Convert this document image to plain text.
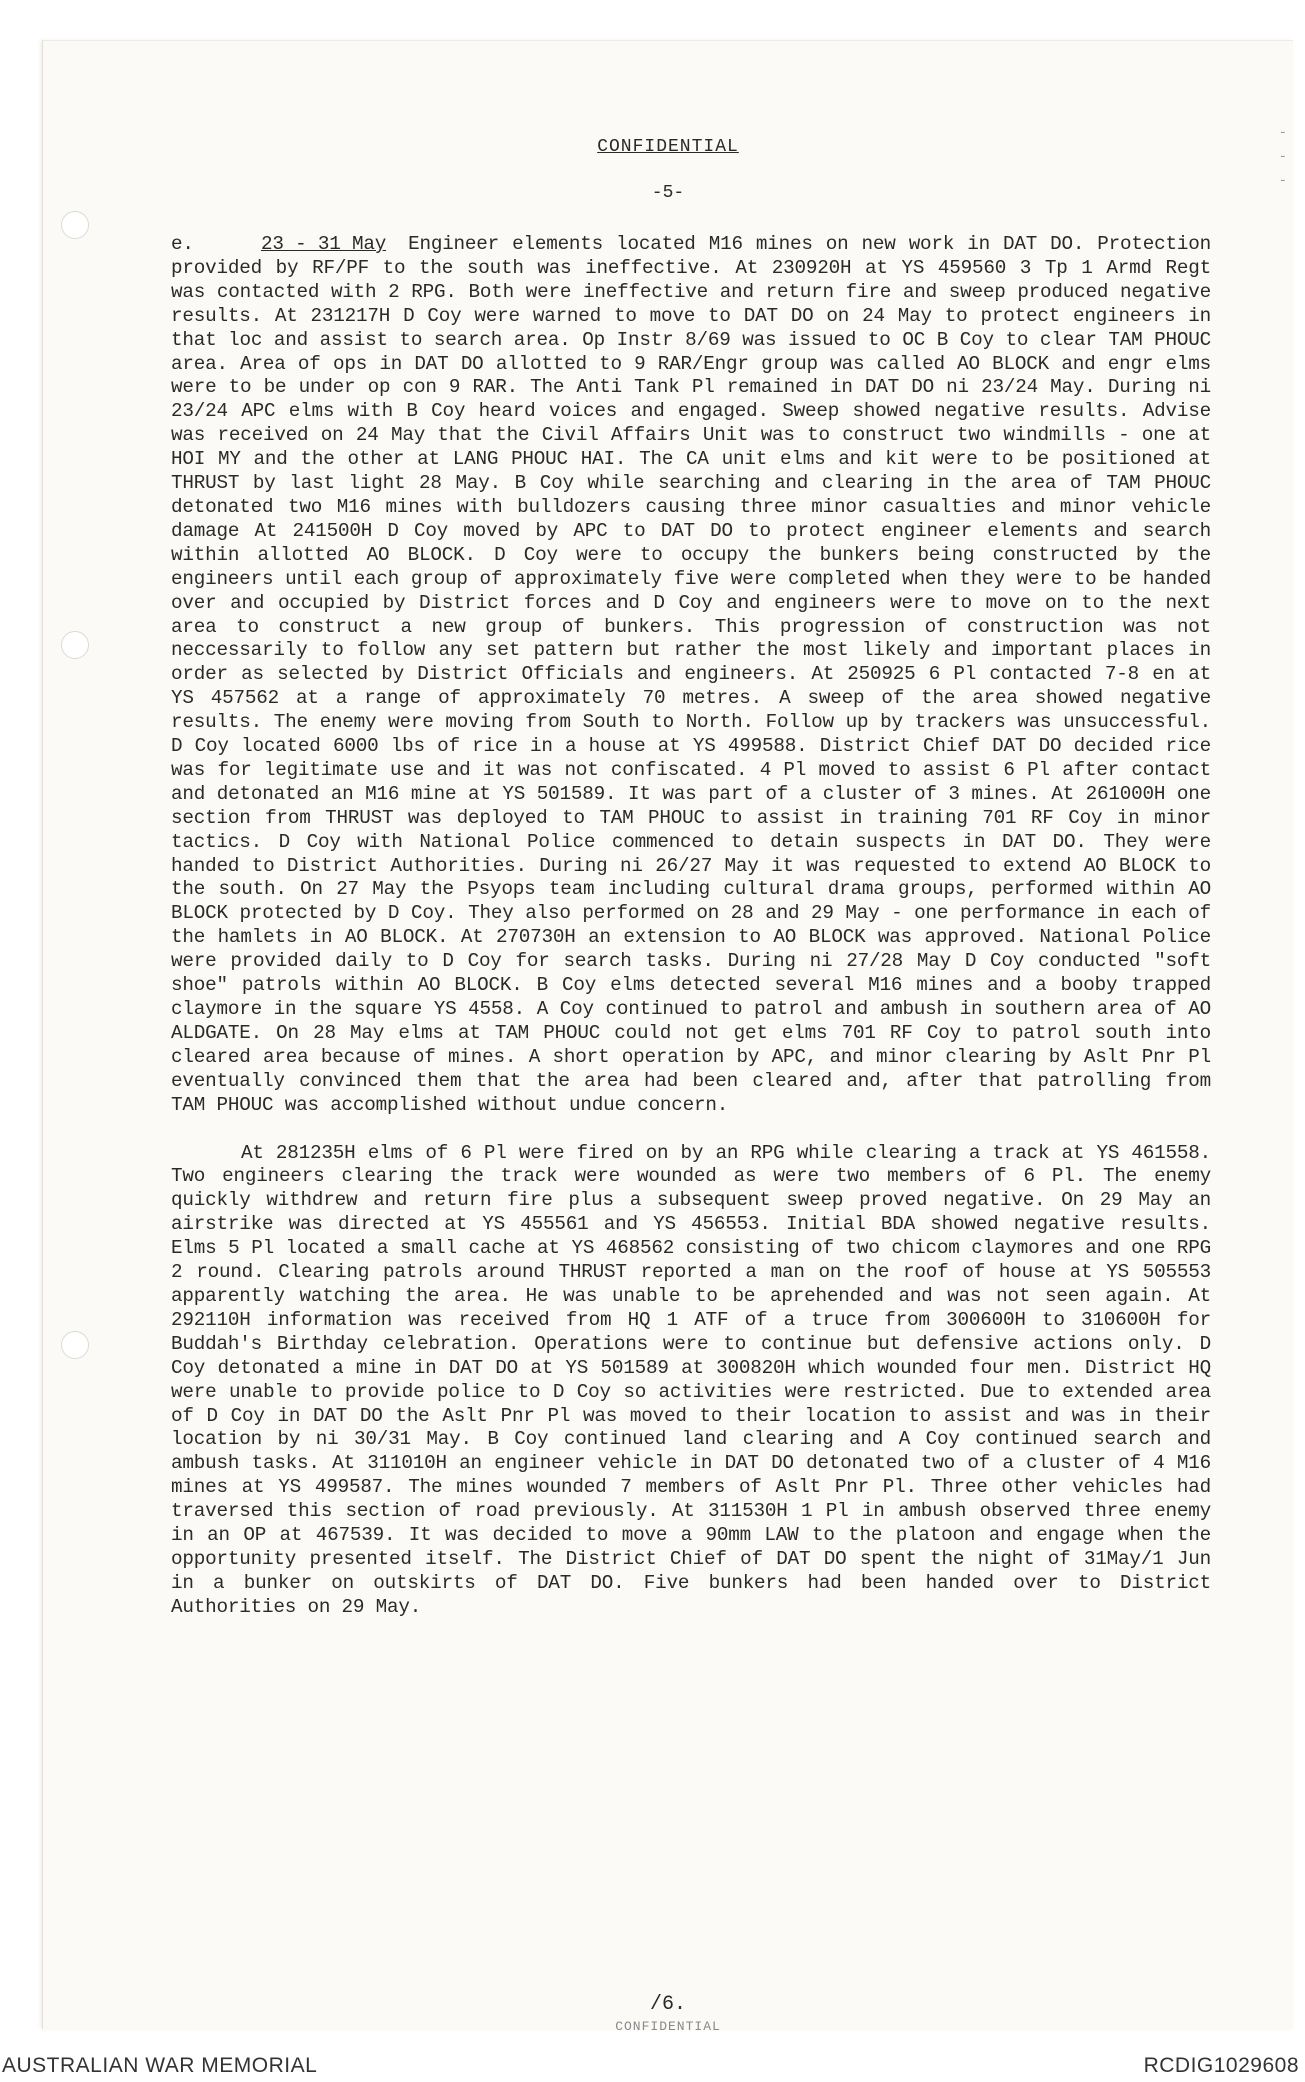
-
-
-
CONFIDENTIAL
-5-

e.	23 - 31 May Engineer elements located M16 mines on new work in DAT DO. Protection provided by RF/PF to the south was ineffective. At 230920H at YS 459560 3 Tp 1 Armd Regt was contacted with 2 RPG. Both were ineffective and return fire and sweep produced negative results. At 231217H D Coy were warned to move to DAT DO on 24 May to protect engineers in that loc and assist to search area. Op Instr 8/69 was issued to OC B Coy to clear TAM PHOUC area. Area of ops in DAT DO allotted to 9 RAR/Engr group was called AO BLOCK and engr elms were to be under op con 9 RAR. The Anti Tank Pl remained in DAT DO ni 23/24 May. During ni 23/24 APC elms with B Coy heard voices and engaged. Sweep showed negative results. Advise was received on 24 May that the Civil Affairs Unit was to construct two windmills - one at HOI MY and the other at LANG PHOUC HAI. The CA unit elms and kit were to be positioned at THRUST by last light 28 May. B Coy while searching and clearing in the area of TAM PHOUC detonated two M16 mines with bulldozers causing three minor casualties and minor vehicle damage At 241500H D Coy moved by APC to DAT DO to protect engineer elements and search within allotted AO BLOCK. D Coy were to occupy the bunkers being constructed by the engineers until each group of approximately five were completed when they were to be handed over and occupied by District forces and D Coy and engineers were to move on to the next area to construct a new group of bunkers. This progression of construction was not neccessarily to follow any set pattern but rather the most likely and important places in order as selected by District Officials and engineers. At 250925 6 Pl contacted 7-8 en at YS 457562 at a range of approximately 70 metres. A sweep of the area showed negative results. The enemy were moving from South to North. Follow up by trackers was unsuccessful. D Coy located 6000 lbs of rice in a house at YS 499588. District Chief DAT DO decided rice was for legitimate use and it was not confiscated. 4 Pl moved to assist 6 Pl after contact and detonated an M16 mine at YS 501589. It was part of a cluster of 3 mines. At 261000H one section from THRUST was deployed to TAM PHOUC to assist in training 701 RF Coy in minor tactics. D Coy with National Police commenced to detain suspects in DAT DO. They were handed to District Authorities. During ni 26/27 May it was requested to extend AO BLOCK to the south. On 27 May the Psyops team including cultural drama groups, performed within AO BLOCK protected by D Coy. They also performed on 28 and 29 May - one performance in each of the hamlets in AO BLOCK. At 270730H an extension to AO BLOCK was approved. National Police were provided daily to D Coy for search tasks. During ni 27/28 May D Coy conducted "soft shoe" patrols within AO BLOCK. B Coy elms detected several M16 mines and a booby trapped claymore in the square YS 4558. A Coy continued to patrol and ambush in southern area of AO ALDGATE. On 28 May elms at TAM PHOUC could not get elms 701 RF Coy to patrol south into cleared area because of mines. A short operation by APC, and minor clearing by Aslt Pnr Pl eventually convinced them that the area had been cleared and, after that patrolling from TAM PHOUC was accomplished without undue concern.

At 281235H elms of 6 Pl were fired on by an RPG while clearing a track at YS 461558. Two engineers clearing the track were wounded as were two members of 6 Pl. The enemy quickly withdrew and return fire plus a subsequent sweep proved negative. On 29 May an airstrike was directed at YS 455561 and YS 456553. Initial BDA showed negative results. Elms 5 Pl located a small cache at YS 468562 consisting of two chicom claymores and one RPG 2 round. Clearing patrols around THRUST reported a man on the roof of house at YS 505553 apparently watching the area. He was unable to be aprehended and was not seen again. At 292110H information was received from HQ 1 ATF of a truce from 300600H to 310600H for Buddah's Birthday celebration. Operations were to continue but defensive actions only. D Coy detonated a mine in DAT DO at YS 501589 at 300820H which wounded four men. District HQ were unable to provide police to D Coy so activities were restricted. Due to extended area of D Coy in DAT DO the Aslt Pnr Pl was moved to their location to assist and was in their location by ni 30/31 May. B Coy continued land clearing and A Coy continued search and ambush tasks. At 311010H an engineer vehicle in DAT DO detonated two of a cluster of 4 M16 mines at YS 499587. The mines wounded 7 members of Aslt Pnr Pl. Three other vehicles had traversed this section of road previously. At 311530H 1 Pl in ambush observed three enemy in an OP at 467539. It was decided to move a 90mm LAW to the platoon and engage when the opportunity presented itself. The District Chief of DAT DO spent the night of 31May/1 Jun in a bunker on outskirts of DAT DO. Five bunkers had been handed over to District Authorities on 29 May.

/6.
CONFIDENTIAL
AUSTRALIAN WAR MEMORIAL	RCDIG1029608
